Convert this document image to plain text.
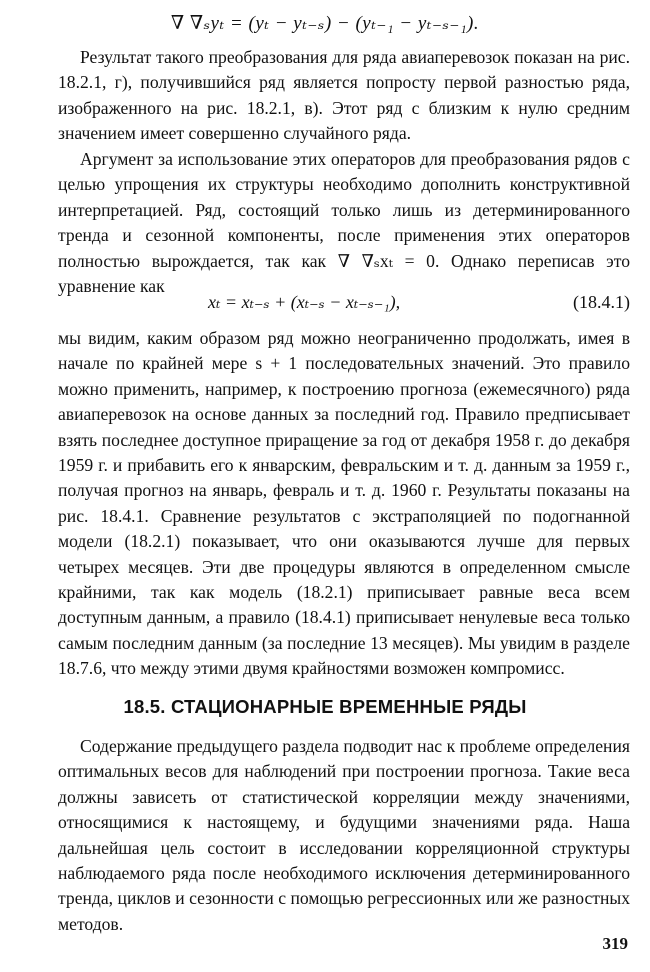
∇ ∇ₛyₜ = (yₜ − yₜ₋ₛ) − (yₜ₋₁ − yₜ₋ₛ₋₁).

Результат такого преобразования для ряда авиаперевозок показан на рис. 18.2.1, г), получившийся ряд является попросту первой разностью ряда, изображенного на рис. 18.2.1, в). Этот ряд с близким к нулю средним значением имеет совершенно случайного ряда.

Аргумент за использование этих операторов для преобразования рядов с целью упрощения их структуры необходимо дополнить конструктивной интерпретацией. Ряд, состоящий только лишь из детерминированного тренда и сезонной компоненты, после применения этих операторов полностью вырождается, так как ∇ ∇ₛxₜ = 0. Однако переписав это уравнение как

xₜ = xₜ₋ₛ + (xₜ₋ₛ − xₜ₋ₛ₋₁),	(18.4.1)

мы видим, каким образом ряд можно неограниченно продолжать, имея в начале по крайней мере s + 1 последовательных значений. Это правило можно применить, например, к построению прогноза (ежемесячного) ряда авиаперевозок на основе данных за последний год. Правило предписывает взять последнее доступное приращение за год от декабря 1958 г. до декабря 1959 г. и прибавить его к январским, февральским и т. д. данным за 1959 г., получая прогноз на январь, февраль и т. д. 1960 г. Результаты показаны на рис. 18.4.1. Сравнение результатов с экстраполяцией по подогнанной модели (18.2.1) показывает, что они оказываются лучше для первых четырех месяцев. Эти две процедуры являются в определенном смысле крайними, так как модель (18.2.1) приписывает равные веса всем доступным данным, а правило (18.4.1) приписывает ненулевые веса только самым последним данным (за последние 13 месяцев). Мы увидим в разделе 18.7.6, что между этими двумя крайностями возможен компромисс.

18.5. СТАЦИОНАРНЫЕ ВРЕМЕННЫЕ РЯДЫ

Содержание предыдущего раздела подводит нас к проблеме определения оптимальных весов для наблюдений при построении прогноза. Такие веса должны зависеть от статистической корреляции между значениями, относящимися к настоящему, и будущими значениями ряда. Наша дальнейшая цель состоит в исследовании корреляционной структуры наблюдаемого ряда после необходимого исключения детерминированного тренда, циклов и сезонности с помощью регрессионных или же разностных методов.

319
